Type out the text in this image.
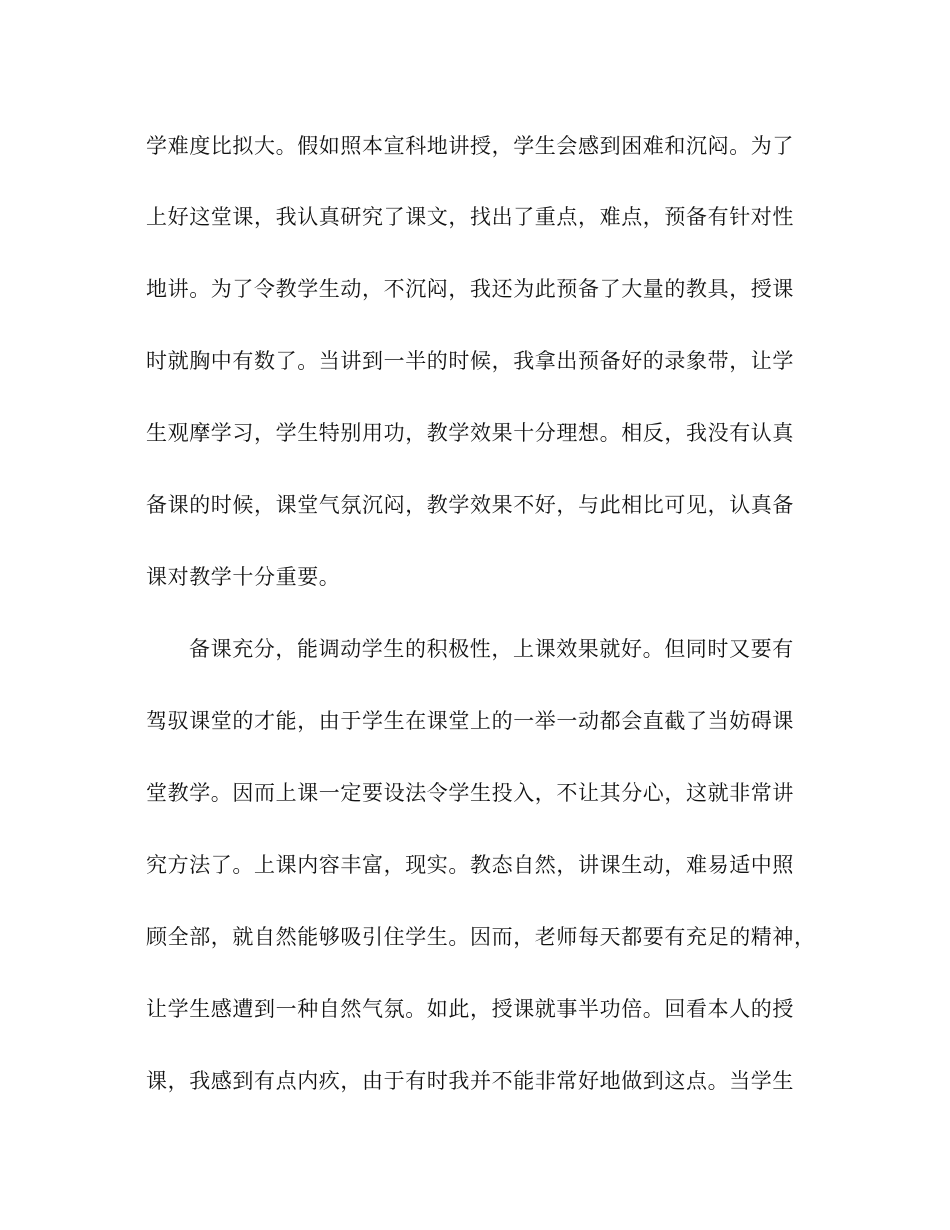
学难度比拟大。假如照本宣科地讲授，学生会感到困难和沉闷。为了
上好这堂课，我认真研究了课文，找出了重点，难点，预备有针对性
地讲。为了令教学生动，不沉闷，我还为此预备了大量的教具，授课
时就胸中有数了。当讲到一半的时候，我拿出预备好的录象带，让学
生观摩学习，学生特别用功，教学效果十分理想。相反，我没有认真
备课的时候，课堂气氛沉闷，教学效果不好，与此相比可见，认真备
课对教学十分重要。
备课充分，能调动学生的积极性，上课效果就好。但同时又要有
驾驭课堂的才能，由于学生在课堂上的一举一动都会直截了当妨碍课
堂教学。因而上课一定要设法令学生投入，不让其分心，这就非常讲
究方法了。上课内容丰富，现实。教态自然，讲课生动，难易适中照
顾全部，就自然能够吸引住学生。因而，老师每天都要有充足的精神，
让学生感遭到一种自然气氛。如此，授课就事半功倍。回看本人的授
课，我感到有点内疚，由于有时我并不能非常好地做到这点。当学生
